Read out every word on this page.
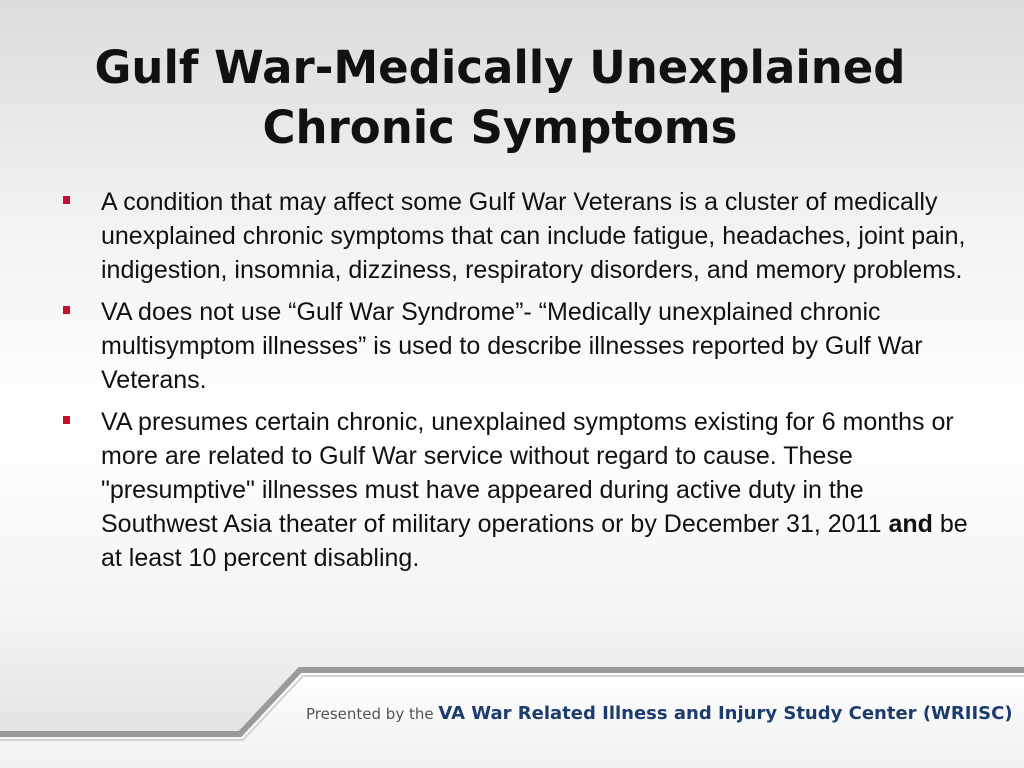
Gulf War-Medically Unexplained
Chronic Symptoms
A condition that may affect some Gulf War Veterans is a cluster of medically unexplained chronic symptoms that can include fatigue, headaches, joint pain, indigestion, insomnia, dizziness, respiratory disorders, and memory problems.
VA does not use “Gulf War Syndrome”- “Medically unexplained chronic multisymptom illnesses” is used to describe illnesses reported by Gulf War Veterans.
VA presumes certain chronic, unexplained symptoms existing for 6 months or more are related to Gulf War service without regard to cause. These "presumptive" illnesses must have appeared during active duty in the Southwest Asia theater of military operations or by December 31, 2011 and be at least 10 percent disabling.
Presented by the VA War Related Illness and Injury Study Center (WRIISC)
